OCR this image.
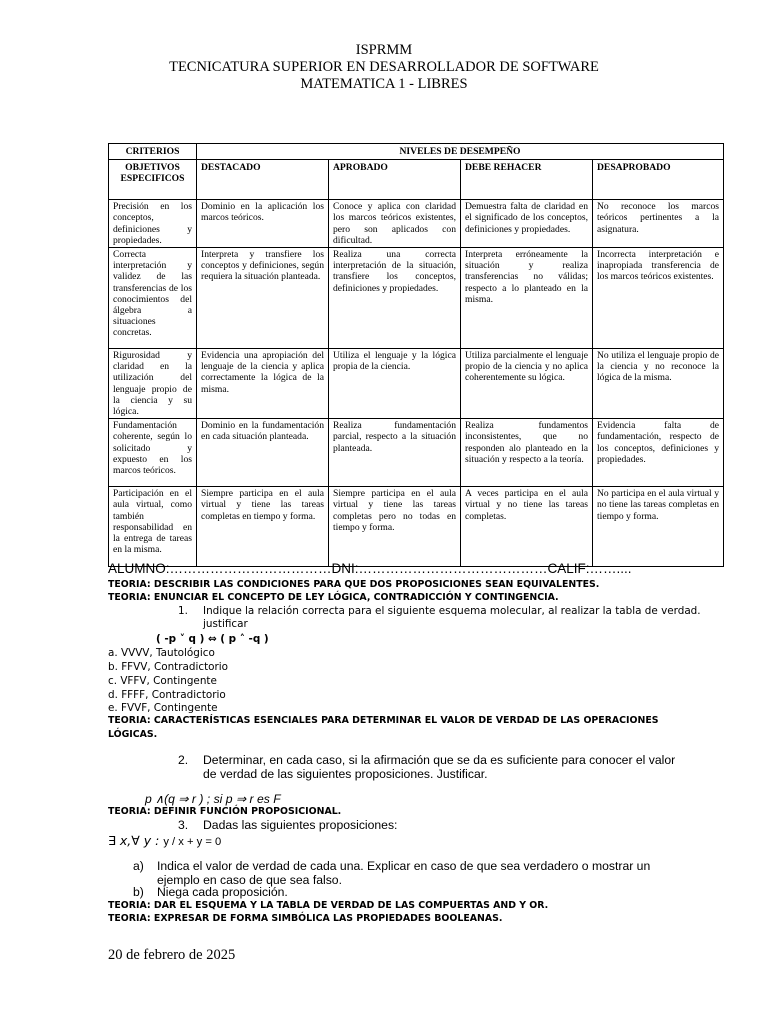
ISPRMM
TECNICATURA SUPERIOR EN DESARROLLADOR DE SOFTWARE
MATEMATICA 1 - LIBRES
CRITERIOS	NIVELES DE DESEMPEÑO			
OBJETIVOS ESPECIFICOS	DESTACADO	APROBADO	DEBE REHACER	DESAPROBADO
Precisión en los conceptos, definiciones y propiedades.	Dominio en la aplicación los marcos teóricos.	Conoce y aplica con claridad los marcos teóricos existentes, pero son aplicados con dificultad.	Demuestra falta de claridad en el significado de los conceptos, definiciones y propiedades.	No reconoce los marcos teóricos pertinentes a la asignatura.
Correcta interpretación y validez de las transferencias de los conocimientos del álgebra a situaciones concretas.	Interpreta y transfiere los conceptos y definiciones, según requiera la situación planteada.	Realiza una correcta interpretación de la situación, transfiere los conceptos, definiciones y propiedades.	Interpreta erróneamente la situación y realiza transferencias no válidas; respecto a lo planteado en la misma.	Incorrecta interpretación e inapropiada transferencia de los marcos teóricos existentes.
Rigurosidad y claridad en la utilización del lenguaje propio de la ciencia y su lógica.	Evidencia una apropiación del lenguaje de la ciencia y aplica correctamente la lógica de la misma.	Utiliza el lenguaje y la lógica propia de la ciencia.	Utiliza parcialmente el lenguaje propio de la ciencia y no aplica coherentemente su lógica.	No utiliza el lenguaje propio de la ciencia y no reconoce la lógica de la misma.
Fundamentación coherente, según lo solicitado y expuesto en los marcos teóricos.	Dominio en la fundamentación en cada situación planteada.	Realiza fundamentación parcial, respecto a la situación planteada.	Realiza fundamentos inconsistentes, que no responden alo planteado en la situación y respecto a la teoría.	Evidencia falta de fundamentación, respecto de los conceptos, definiciones y propiedades.
Participación en el aula virtual, como también responsabilidad en la entrega de tareas en la misma.	Siempre participa en el aula virtual y tiene las tareas completas en tiempo y forma.	Siempre participa en el aula virtual y tiene las tareas completas pero no todas en tiempo y forma.	A veces participa en el aula virtual y no tiene las tareas completas.	No participa en el aula virtual y no tiene las tareas completas en tiempo y forma.
ALUMNO:………………………………DNI:……………………………………CALIF:……....
TEORIA: DESCRIBIR LAS CONDICIONES PARA QUE DOS PROPOSICIONES SEAN EQUIVALENTES.
TEORIA: ENUNCIAR EL CONCEPTO DE LEY LÓGICA, CONTRADICCIÓN Y CONTINGENCIA.
1. Indique la relación correcta para el siguiente esquema molecular, al realizar la tabla de verdad.
justificar
( -p ˅ q ) ⇔ ( p ˄ -q )
a. VVVV, Tautológico
b. FFVV, Contradictorio
c. VFFV, Contingente
d. FFFF, Contradictorio
e. FVVF, Contingente
TEORIA: CARACTERÍSTICAS ESENCIALES PARA DETERMINAR EL VALOR DE VERDAD DE LAS OPERACIONES
LÓGICAS.
2. Determinar, en cada caso, si la afirmación que se da es suficiente para conocer el valor
de verdad de las siguientes proposiciones. Justificar.
p ∧(q ⇒ r ) ; si p ⇒ r es F
TEORIA: DEFINIR FUNCIÓN PROPOSICIONAL.
3. Dadas las siguientes proposiciones:
∃ x,∀ y : y / x + y = 0
a) Indica el valor de verdad de cada una. Explicar en caso de que sea verdadero o mostrar un
ejemplo en caso de que sea falso.
b) Niega cada proposición.
TEORIA: DAR EL ESQUEMA Y LA TABLA DE VERDAD DE LAS COMPUERTAS AND Y OR.
TEORIA: EXPRESAR DE FORMA SIMBÓLICA LAS PROPIEDADES BOOLEANAS.
20 de febrero de 2025
